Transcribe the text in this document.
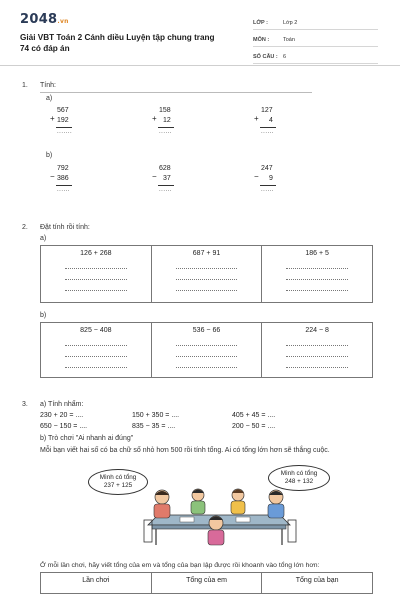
2048.vn
Giải VBT Toán 2 Cánh diều Luyện tập chung trang 74 có đáp án
LỚP :	Lớp 2
MÔN :	Toán
SỐ CÂU : 6
1. Tính:
a)
+
567
192
.......
+
158
12
......
+
127
4
......
b)
−
792
386
......
−
628
37
......
−
247
9
......
2. Đặt tính rồi tính:
a)
126 + 268	687 + 91	186 + 5
b)
825 − 408	536 − 66	224 − 8
3. a) Tính nhẩm:
230 + 20 = ....	150 + 350 = ....	405 + 45 = ....
650 − 150 = ....	835 − 35 = ....	200 − 50 = ....
b) Trò chơi "Ai nhanh ai đúng"
Mỗi bạn viết hai số có ba chữ số nhỏ hơn 500 rồi tính tổng. Ai có tổng lớn hơn sẽ thắng cuộc.
Mình có tổng
237 + 125
Mình có tổng
248 + 132
Ở mỗi lần chơi, hãy viết tổng của em và tổng của bạn lập được rồi khoanh vào tổng lớn hơn:
Lần chơi	Tổng của em	Tổng của bạn
